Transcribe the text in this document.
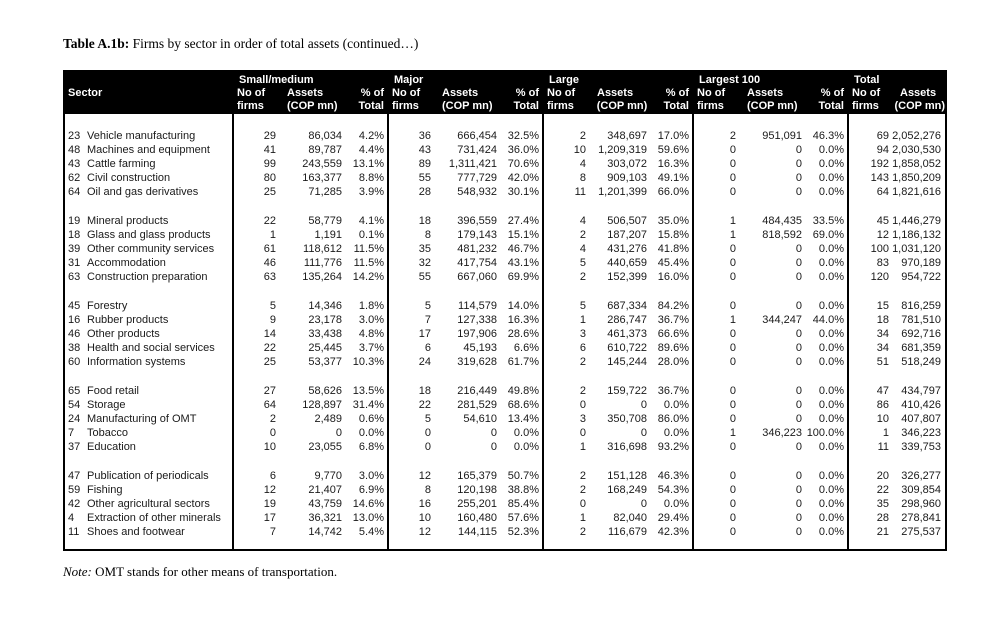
Table A.1b: Firms by sector in order of total assets (continued…)
Small/medium	Major	Large	Largest 100	Total
Sector	No of	Assets	% of No of	Assets	% of No of	Assets	% of No of	Assets	% of No of	Assets
firms	(COP mn)	Total firms	(COP mn)	Total firms	(COP mn)	Total firms	(COP mn)	Total firms	(COP mn)
23 Vehicle manufacturing	29	86,034	4.2%	36	666,454 32.5%	2	348,697 17.0%	2	951,091 46.3%	69 2,052,276
48 Machines and equipment	41	89,787	4.4%	43	731,424 36.0%	10	1,209,319 59.6%	0	0	0.0%	94 2,030,530
43 Cattle farming	99	243,559 13.1%	89	1,311,421 70.6%	4	303,072 16.3%	0	0	0.0%	192 1,858,052
62 Civil construction	80	163,377	8.8%	55	777,729 42.0%	8	909,103 49.1%	0	0	0.0%	143 1,850,209
64 Oil and gas derivatives	25	71,285	3.9%	28	548,932 30.1%	11	1,201,399 66.0%	0	0	0.0%	64 1,821,616
19 Mineral products	22	58,779	4.1%	18	396,559 27.4%	4	506,507 35.0%	1	484,435 33.5%	45 1,446,279
18 Glass and glass products	1	1,191	0.1%	8	179,143 15.1%	2	187,207 15.8%	1	818,592 69.0%	12 1,186,132
39 Other community services	61	118,612	11.5%	35	481,232 46.7%	4	431,276 41.8%	0	0	0.0%	100 1,031,120
31 Accommodation	46	111,776	11.5%	32	417,754 43.1%	5	440,659 45.4%	0	0	0.0%	83	970,189
63 Construction preparation	63	135,264 14.2%	55	667,060 69.9%	2	152,399 16.0%	0	0	0.0%	120	954,722
45 Forestry	5	14,346	1.8%	5	114,579 14.0%	5	687,334 84.2%	0	0	0.0%	15	816,259
16 Rubber products	9	23,178	3.0%	7	127,338 16.3%	1	286,747 36.7%	1	344,247 44.0%	18	781,510
46 Other products	14	33,438	4.8%	17	197,906 28.6%	3	461,373 66.6%	0	0	0.0%	34	692,716
38 Health and social services	22	25,445	3.7%	6	45,193	6.6%	6	610,722 89.6%	0	0	0.0%	34	681,359
60 Information systems	25	53,377 10.3%	24	319,628 61.7%	2	145,244 28.0%	0	0	0.0%	51	518,249
65 Food retail	27	58,626 13.5%	18	216,449 49.8%	2	159,722 36.7%	0	0	0.0%	47	434,797
54 Storage	64	128,897 31.4%	22	281,529 68.6%	0	0	0.0%	0	0	0.0%	86	410,426
24 Manufacturing of OMT	2	2,489	0.6%	5	54,610 13.4%	3	350,708 86.0%	0	0	0.0%	10	407,807
7	Tobacco	0	0	0.0%	0	0	0.0%	0	0	0.0%	1	346,223 100.0%	1	346,223
37 Education	10	23,055	6.8%	0	0	0.0%	1	316,698 93.2%	0	0	0.0%	11	339,753
47 Publication of periodicals	6	9,770	3.0%	12	165,379 50.7%	2	151,128 46.3%	0	0	0.0%	20	326,277
59 Fishing	12	21,407	6.9%	8	120,198 38.8%	2	168,249 54.3%	0	0	0.0%	22	309,854
42 Other agricultural sectors	19	43,759 14.6%	16	255,201 85.4%	0	0	0.0%	0	0	0.0%	35	298,960
4	Extraction of other minerals	17	36,321 13.0%	10	160,480 57.6%	1	82,040 29.4%	0	0	0.0%	28	278,841
11 Shoes and footwear	7	14,742	5.4%	12	144,115 52.3%	2	116,679 42.3%	0	0	0.0%	21	275,537
Note: OMT stands for other means of transportation.
